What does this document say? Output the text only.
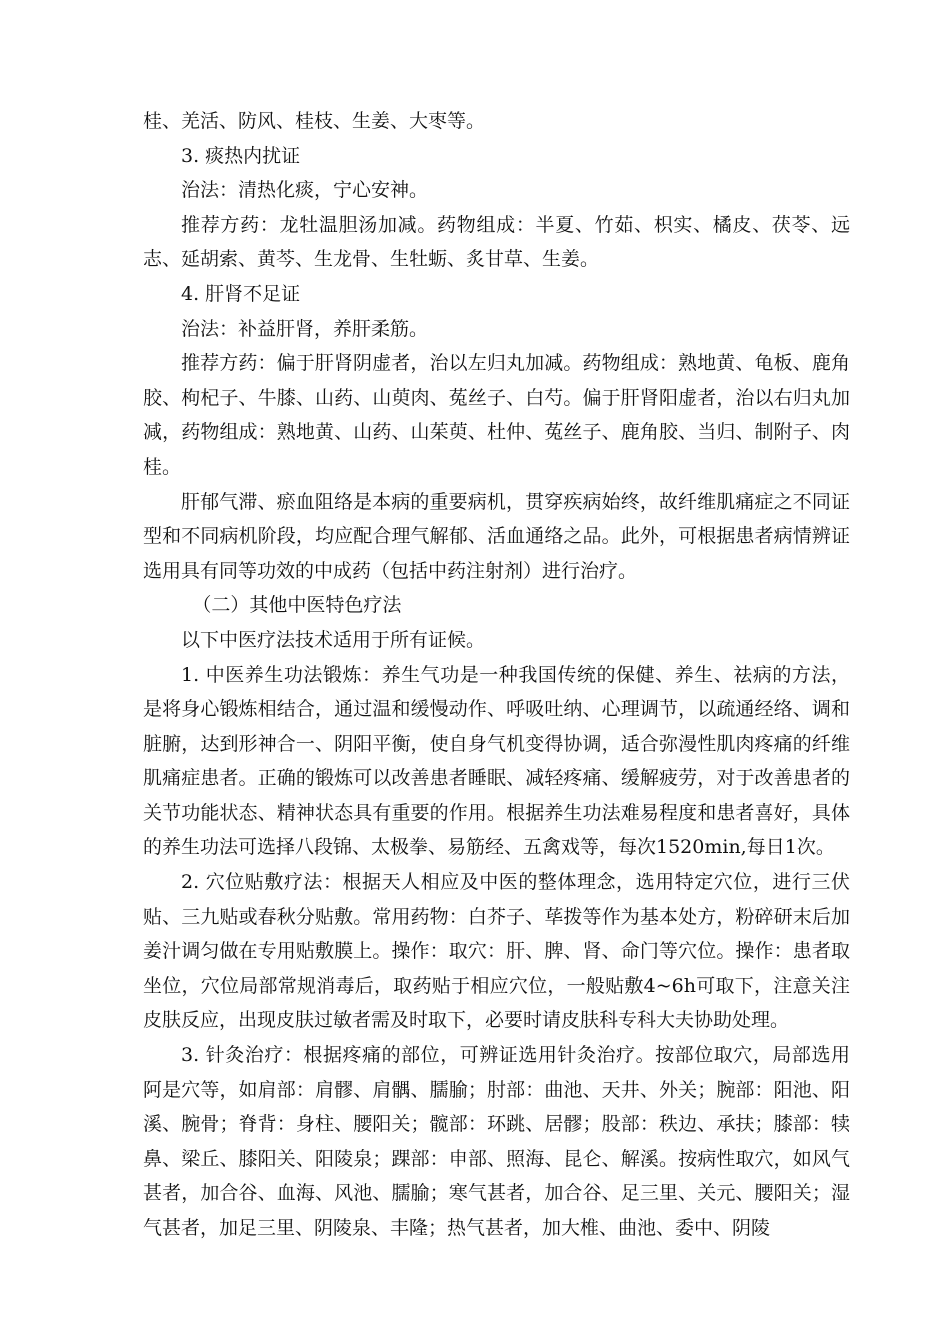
桂、羌活、防风、桂枝、生姜、大枣等。

3. 痰热内扰证

治法：清热化痰，宁心安神。

推荐方药：龙牡温胆汤加减。药物组成：半夏、竹茹、枳实、橘皮、茯苓、远志、延胡索、黄芩、生龙骨、生牡蛎、炙甘草、生姜。

4. 肝肾不足证

治法：补益肝肾，养肝柔筋。

推荐方药：偏于肝肾阴虚者，治以左归丸加减。药物组成：熟地黄、龟板、鹿角胶、枸杞子、牛膝、山药、山萸肉、菟丝子、白芍。偏于肝肾阳虚者，治以右归丸加减，药物组成：熟地黄、山药、山茱萸、杜仲、菟丝子、鹿角胶、当归、制附子、肉桂。

肝郁气滞、瘀血阻络是本病的重要病机，贯穿疾病始终，故纤维肌痛症之不同证型和不同病机阶段，均应配合理气解郁、活血通络之品。此外，可根据患者病情辨证选用具有同等功效的中成药（包括中药注射剂）进行治疗。

（二）其他中医特色疗法

以下中医疗法技术适用于所有证候。

1. 中医养生功法锻炼：养生气功是一种我国传统的保健、养生、祛病的方法，是将身心锻炼相结合，通过温和缓慢动作、呼吸吐纳、心理调节，以疏通经络、调和脏腑，达到形神合一、阴阳平衡，使自身气机变得协调，适合弥漫性肌肉疼痛的纤维肌痛症患者。正确的锻炼可以改善患者睡眠、减轻疼痛、缓解疲劳，对于改善患者的关节功能状态、精神状态具有重要的作用。根据养生功法难易程度和患者喜好，具体的养生功法可选择八段锦、太极拳、易筋经、五禽戏等，每次1520min,每日1次。

2. 穴位贴敷疗法：根据天人相应及中医的整体理念，选用特定穴位，进行三伏贴、三九贴或春秋分贴敷。常用药物：白芥子、荜拨等作为基本处方，粉碎研末后加姜汁调匀做在专用贴敷膜上。操作：取穴：肝、脾、肾、命门等穴位。操作：患者取坐位，穴位局部常规消毒后，取药贴于相应穴位，一般贴敷4~6h可取下，注意关注皮肤反应，出现皮肤过敏者需及时取下，必要时请皮肤科专科大夫协助处理。

3. 针灸治疗：根据疼痛的部位，可辨证选用针灸治疗。按部位取穴，局部选用阿是穴等，如肩部：肩髎、肩髃、臑腧；肘部：曲池、天井、外关；腕部：阳池、阳溪、腕骨；脊背：身柱、腰阳关；髋部：环跳、居髎；股部：秩边、承扶；膝部：犊鼻、梁丘、膝阳关、阳陵泉；踝部：申部、照海、昆仑、解溪。按病性取穴，如风气甚者，加合谷、血海、风池、臑腧；寒气甚者，加合谷、足三里、关元、腰阳关；湿气甚者，加足三里、阴陵泉、丰隆；热气甚者，加大椎、曲池、委中、阴陵
